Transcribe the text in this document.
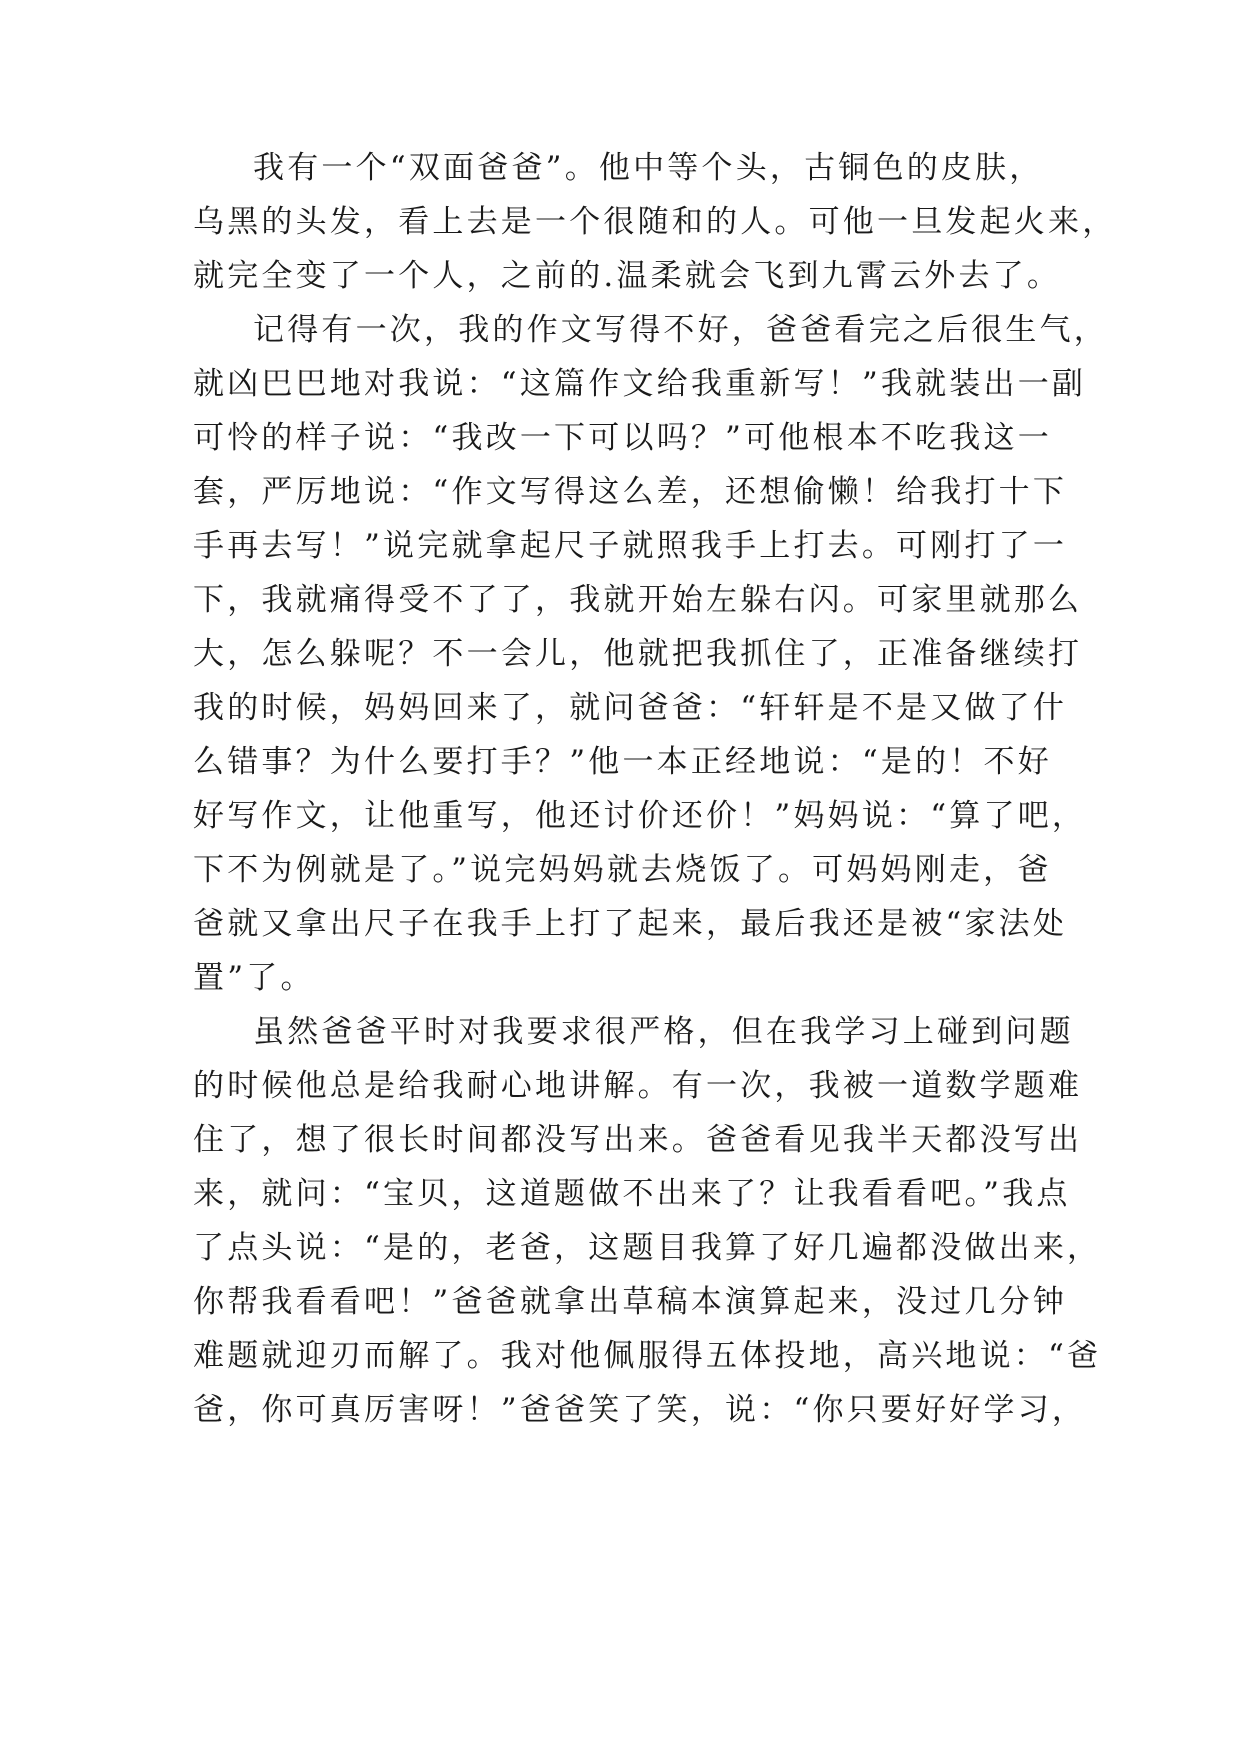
我有一个“双面爸爸”。他中等个头，古铜色的皮肤，
乌黑的头发，看上去是一个很随和的人。可他一旦发起火来，
就完全变了一个人，之前的.温柔就会飞到九霄云外去了。
记得有一次，我的作文写得不好，爸爸看完之后很生气，
就凶巴巴地对我说：“这篇作文给我重新写！”我就装出一副
可怜的样子说：“我改一下可以吗？”可他根本不吃我这一
套，严厉地说：“作文写得这么差，还想偷懒！给我打十下
手再去写！”说完就拿起尺子就照我手上打去。可刚打了一
下，我就痛得受不了了，我就开始左躲右闪。可家里就那么
大，怎么躲呢？不一会儿，他就把我抓住了，正准备继续打
我的时候，妈妈回来了，就问爸爸：“轩轩是不是又做了什
么错事？为什么要打手？”他一本正经地说：“是的！不好
好写作文，让他重写，他还讨价还价！”妈妈说：“算了吧，
下不为例就是了。”说完妈妈就去烧饭了。可妈妈刚走，爸
爸就又拿出尺子在我手上打了起来，最后我还是被“家法处
置”了。
虽然爸爸平时对我要求很严格，但在我学习上碰到问题
的时候他总是给我耐心地讲解。有一次，我被一道数学题难
住了，想了很长时间都没写出来。爸爸看见我半天都没写出
来，就问：“宝贝，这道题做不出来了？让我看看吧。”我点
了点头说：“是的，老爸，这题目我算了好几遍都没做出来，
你帮我看看吧！”爸爸就拿出草稿本演算起来，没过几分钟
难题就迎刃而解了。我对他佩服得五体投地，高兴地说：“爸
爸，你可真厉害呀！”爸爸笑了笑，说：“你只要好好学习，
